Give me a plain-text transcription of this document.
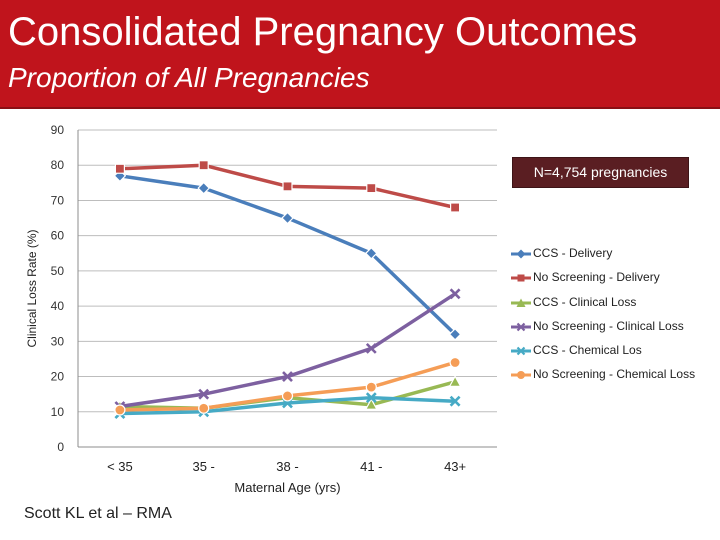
Consolidated Pregnancy Outcomes
Proportion of All Pregnancies
0
10
20
30
40
50
60
70
80
90
< 35	35 -	38 -	41 -	43+
Maternal Age (yrs)
Clinical Loss Rate (%)
N=4,754 pregnancies
CCS - Delivery
No Screening - Delivery
CCS - Clinical Loss
No Screening - Clinical Loss
CCS - Chemical Los
No Screening - Chemical Loss
Scott KL et al – RMA
